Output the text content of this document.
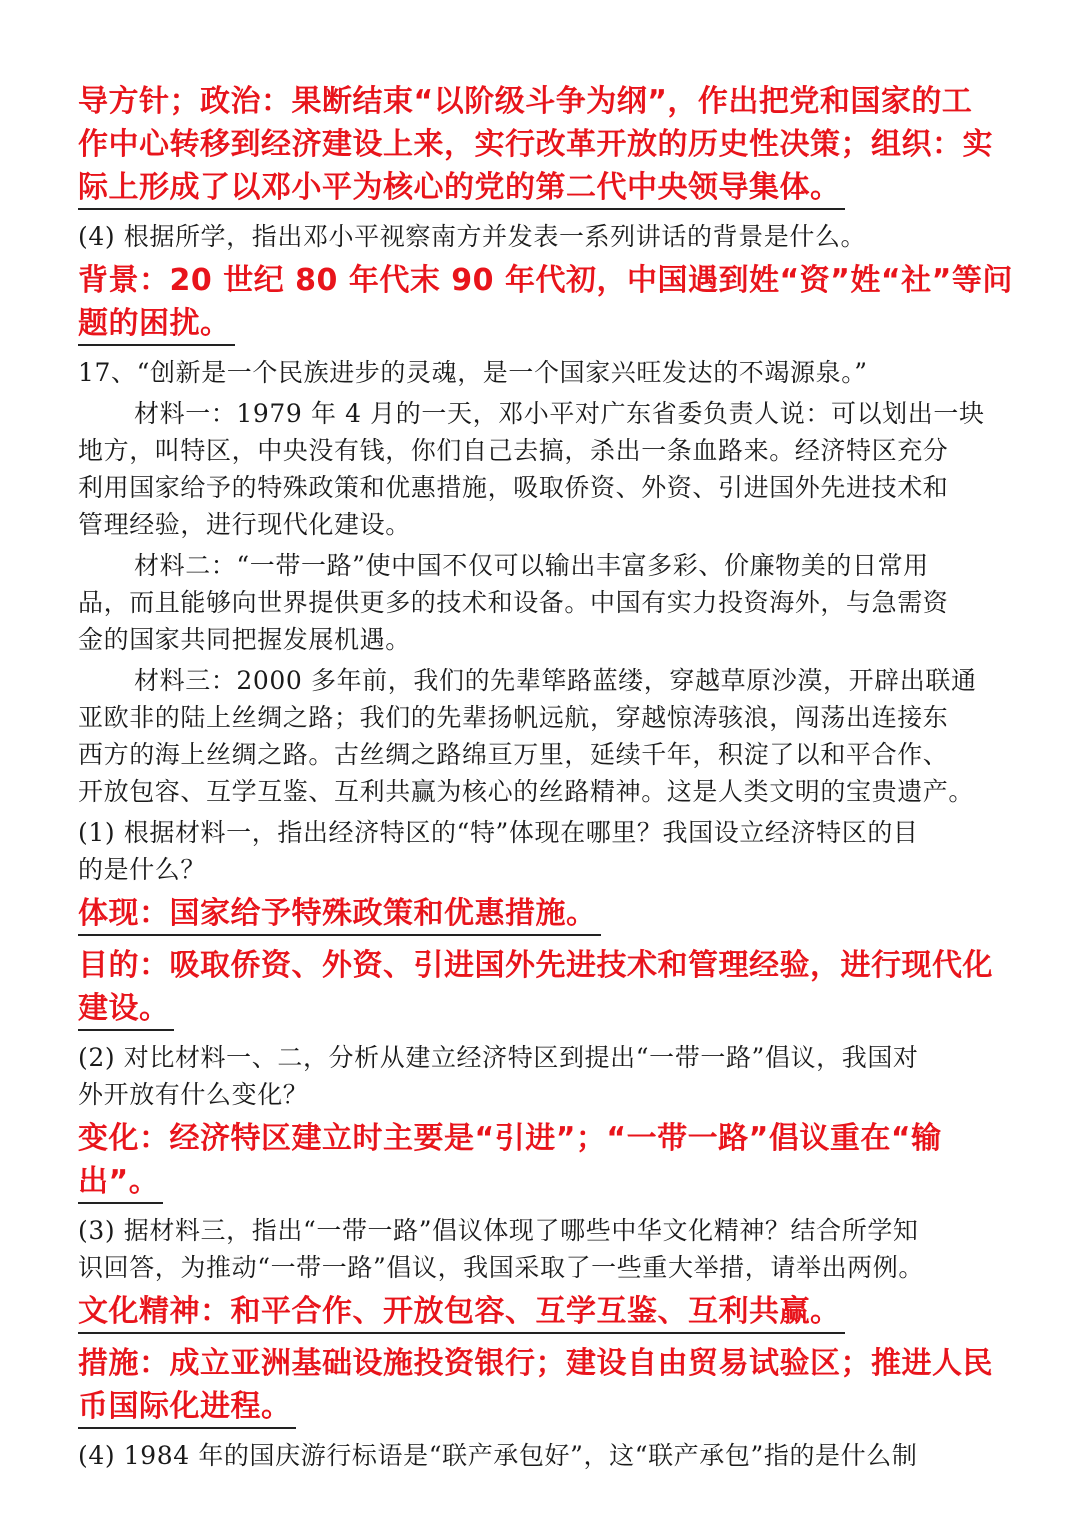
导方针；政治：果断结束“以阶级斗争为纲”，作出把党和国家的工
作中心转移到经济建设上来，实行改革开放的历史性决策；组织：实
际上形成了以邓小平为核心的党的第二代中央领导集体。
(4) 根据所学，指出邓小平视察南方并发表一系列讲话的背景是什么。
背景：20 世纪 80 年代末 90 年代初，中国遇到姓“资”姓“社”等问
题的困扰。
17、“创新是一个民族进步的灵魂，是一个国家兴旺发达的不竭源泉。”
材料一：1979 年 4 月的一天，邓小平对广东省委负责人说：可以划出一块
地方，叫特区，中央没有钱，你们自己去搞，杀出一条血路来。经济特区充分
利用国家给予的特殊政策和优惠措施，吸取侨资、外资、引进国外先进技术和
管理经验，进行现代化建设。
材料二：“一带一路”使中国不仅可以输出丰富多彩、价廉物美的日常用
品，而且能够向世界提供更多的技术和设备。中国有实力投资海外，与急需资
金的国家共同把握发展机遇。
材料三：2000 多年前，我们的先辈筚路蓝缕，穿越草原沙漠，开辟出联通
亚欧非的陆上丝绸之路；我们的先辈扬帆远航，穿越惊涛骇浪，闯荡出连接东
西方的海上丝绸之路。古丝绸之路绵亘万里，延续千年，积淀了以和平合作、
开放包容、互学互鉴、互利共赢为核心的丝路精神。这是人类文明的宝贵遗产。
(1) 根据材料一，指出经济特区的“特”体现在哪里？我国设立经济特区的目
的是什么？
体现：国家给予特殊政策和优惠措施。
目的：吸取侨资、外资、引进国外先进技术和管理经验，进行现代化
建设。
(2) 对比材料一、二，分析从建立经济特区到提出“一带一路”倡议，我国对
外开放有什么变化？
变化：经济特区建立时主要是“引进”；“一带一路”倡议重在“输
出”。
(3) 据材料三，指出“一带一路”倡议体现了哪些中华文化精神？结合所学知
识回答，为推动“一带一路”倡议，我国采取了一些重大举措，请举出两例。
文化精神：和平合作、开放包容、互学互鉴、互利共赢。
措施：成立亚洲基础设施投资银行；建设自由贸易试验区；推进人民
币国际化进程。
(4) 1984 年的国庆游行标语是“联产承包好”，这“联产承包”指的是什么制
